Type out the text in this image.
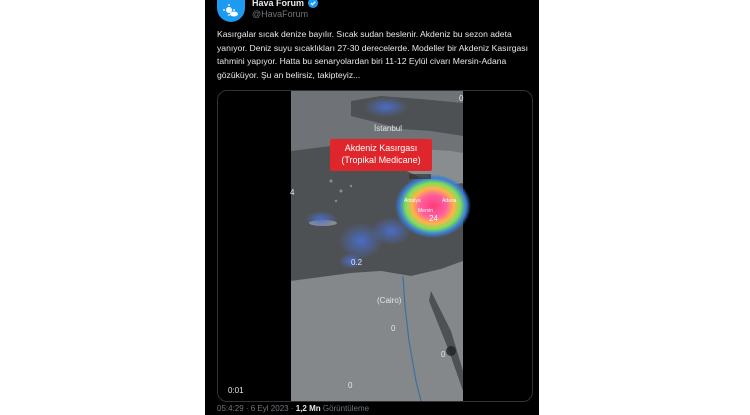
Hava Forum
@HavaForum
Kasırgalar sıcak denize bayılır. Sıcak sudan beslenir. Akdeniz bu sezon adeta yanıyor. Deniz suyu sıcaklıkları 27-30 derecelerde. Modeller bir Akdeniz Kasırgası tahmini yapıyor. Hatta bu senaryolardan biri 11-12 Eylül civarı Mersin-Adana gözüküyor. Şu an belirsiz, takipteyiz...
0.2
0
0
0
0
4
24
İstanbul
(Cairo)
Antalya	Adana
Mersin
Akdeniz Kasırgası
(Tropikal Medicane)
0:01
05:4:29 · 6 Eyl 2023 · 1,2 Mn Görüntüleme
